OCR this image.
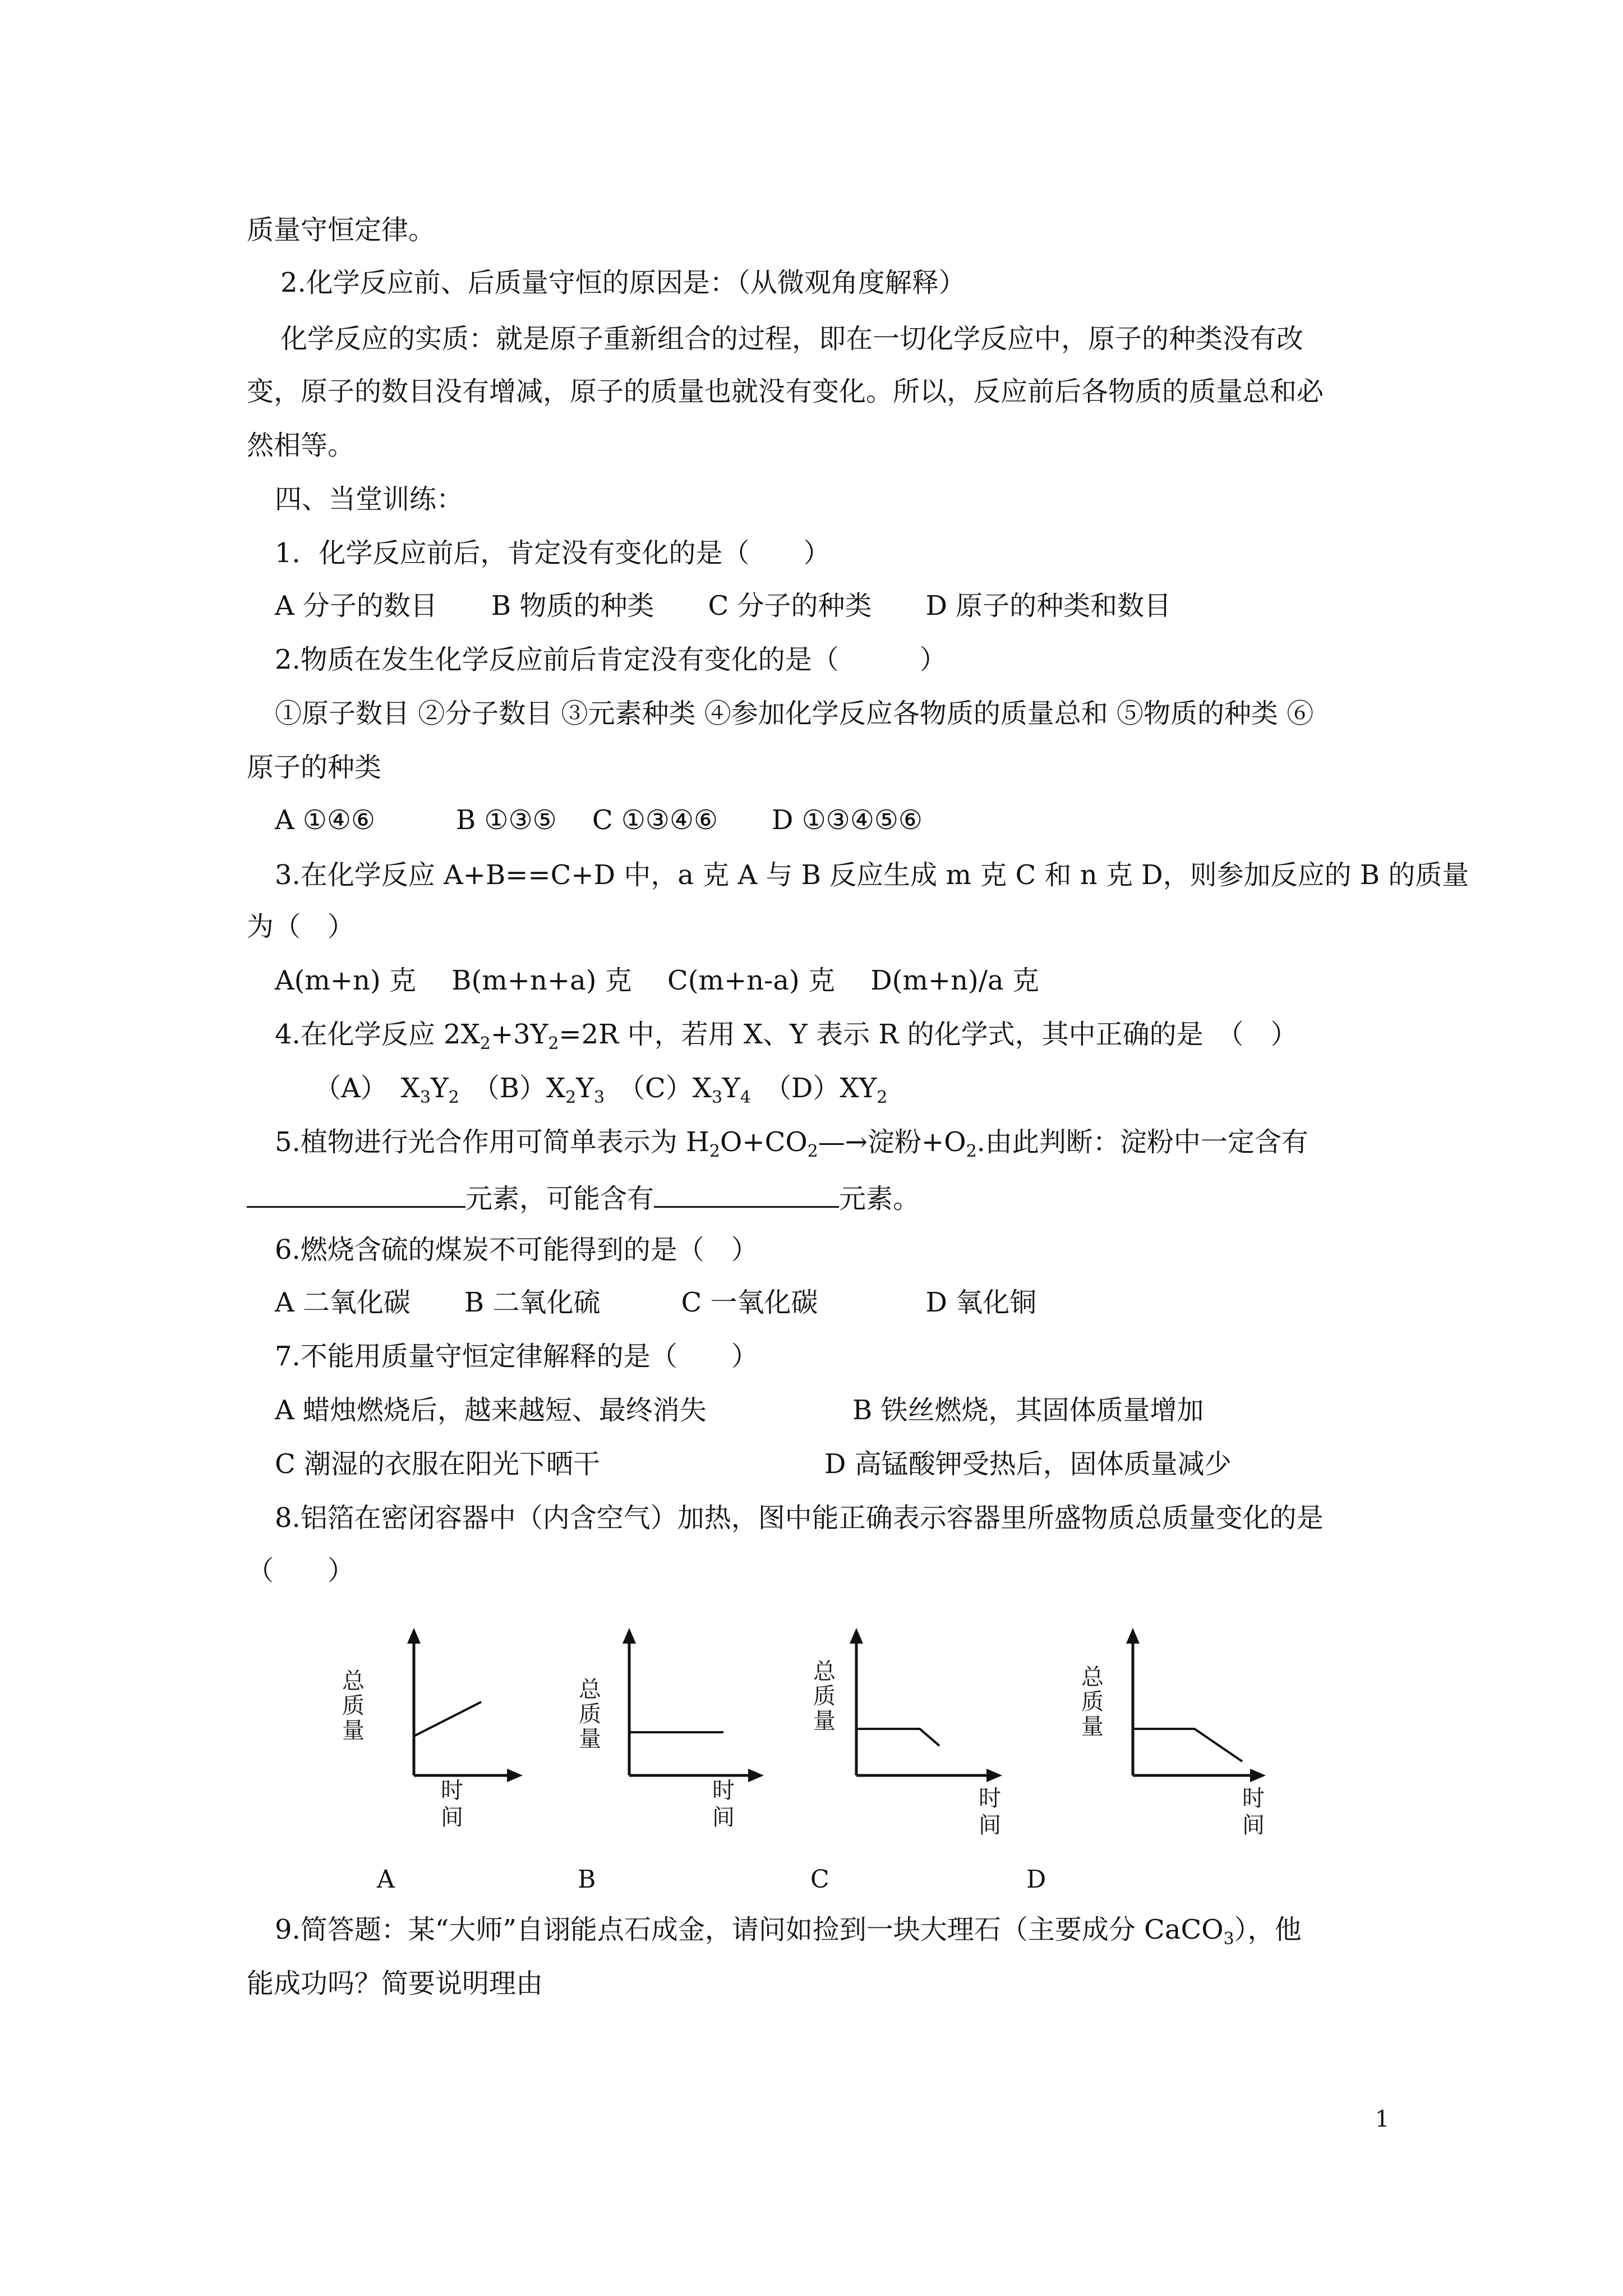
质量守恒定律。
2.化学反应前、后质量守恒的原因是：（从微观角度解释）
化学反应的实质：就是原子重新组合的过程，即在一切化学反应中，原子的种类没有改
变，原子的数目没有增减，原子的质量也就没有变化。所以，反应前后各物质的质量总和必
然相等。
四、当堂训练：
1．化学反应前后，肯定没有变化的是（　　）
A 分子的数目　　B 物质的种类　　C 分子的种类　　D 原子的种类和数目
2.物质在发生化学反应前后肯定没有变化的是（　　　）
①原子数目 ②分子数目 ③元素种类 ④参加化学反应各物质的质量总和 ⑤物质的种类 ⑥
原子的种类
A ①④⑥　　　B ①③⑤　 C ①③④⑥　　D ①③④⑤⑥
3.在化学反应 A+B==C+D 中，a 克 A 与 B 反应生成 m 克 C 和 n 克 D，则参加反应的 B 的质量
为（　）
A(m+n) 克　 B(m+n+a) 克　 C(m+n-a) 克　 D(m+n)/a 克
4.在化学反应 $2X_2+3Y_2=2R$ 中，若用 X、Y 表示 R 的化学式，其中正确的是　（　）
（A）　$X_3Y_2$　$(B)X_2Y_3$　$(C)X_3Y_4$　$(D)XY_2$
5.植物进行光合作用可简单表示为 $H_2O+CO_2—\to$淀粉$+O_2$.由此判断：淀粉中一定含有
元素，可能含有	元素。
6.燃烧含硫的煤炭不可能得到的是（　）
A 二氧化碳　　B 二氧化硫　　　C 一氧化碳　　　　D 氧化铜
7.不能用质量守恒定律解释的是（　　）
A 蜡烛燃烧后，越来越短、最终消失	B 铁丝燃烧，其固体质量增加
C 潮湿的衣服在阳光下晒干	D 高锰酸钾受热后，固体质量减少
8.铝箔在密闭容器中（内含空气）加热，图中能正确表示容器里所盛物质总质量变化的是
（　　）
总
质
量
时间
总
质
量
时间
总
质
量
时间
总
质
量
时间
A	B	C	D
9.简答题：某“大师”自诩能点石成金，请问如捡到一块大理石（主要成分 CaCO$_3$），他
能成功吗？简要说明理由
1
